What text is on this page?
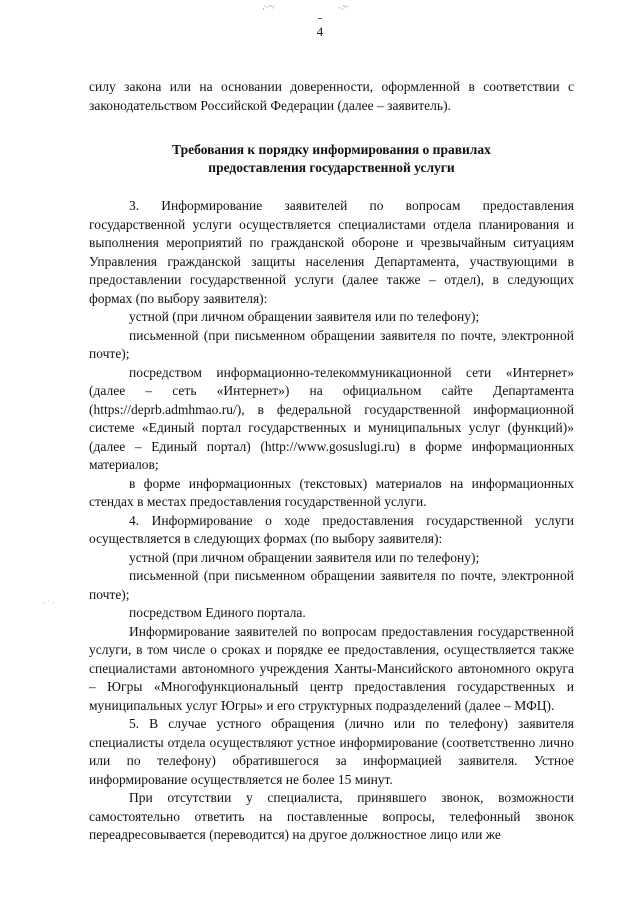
·˙ˑ˙˜ˑ˙	ˑ ·˜ˑ˙
4

силу закона или на основании доверенности, оформленной в соответствии с законодательством Российской Федерации (далее – заявитель).

Требования к порядку информирования о правилах
предоставления государственной услуги

3. Информирование заявителей по вопросам предоставления государственной услуги осуществляется специалистами отдела планирования и выполнения мероприятий по гражданской обороне и чрезвычайным ситуациям Управления гражданской защиты населения Департамента, участвующими в предоставлении государственной услуги (далее также – отдел), в следующих формах (по выбору заявителя):

устной (при личном обращении заявителя или по телефону);

письменной (при письменном обращении заявителя по почте, электронной почте);

посредством информационно-телекоммуникационной сети «Интернет» (далее – сеть «Интернет») на официальном сайте Департамента (https://deprb.admhmao.ru/), в федеральной государственной информационной системе «Единый портал государственных и муниципальных услуг (функций)» (далее – Единый портал) (http://www.gosuslugi.ru) в форме информационных материалов;

в форме информационных (текстовых) материалов на информационных стендах в местах предоставления государственной услуги.

4. Информирование о ходе предоставления государственной услуги осуществляется в следующих формах (по выбору заявителя):

устной (при личном обращении заявителя или по телефону);

письменной (при письменном обращении заявителя по почте, электронной почте);

посредством Единого портала.

Информирование заявителей по вопросам предоставления государственной услуги, в том числе о сроках и порядке ее предоставления, осуществляется также специалистами автономного учреждения Ханты-Мансийского автономного округа – Югры «Многофункциональный центр предоставления государственных и муниципальных услуг Югры» и его структурных подразделений (далее – МФЦ).

5. В случае устного обращения (лично или по телефону) заявителя специалисты отдела осуществляют устное информирование (соответственно лично или по телефону) обратившегося за информацией заявителя. Устное информирование осуществляется не более 15 минут.

При отсутствии у специалиста, принявшего звонок, возможности самостоятельно ответить на поставленные вопросы, телефонный звонок переадресовывается (переводится) на другое должностное лицо или же

· ˙ ·
